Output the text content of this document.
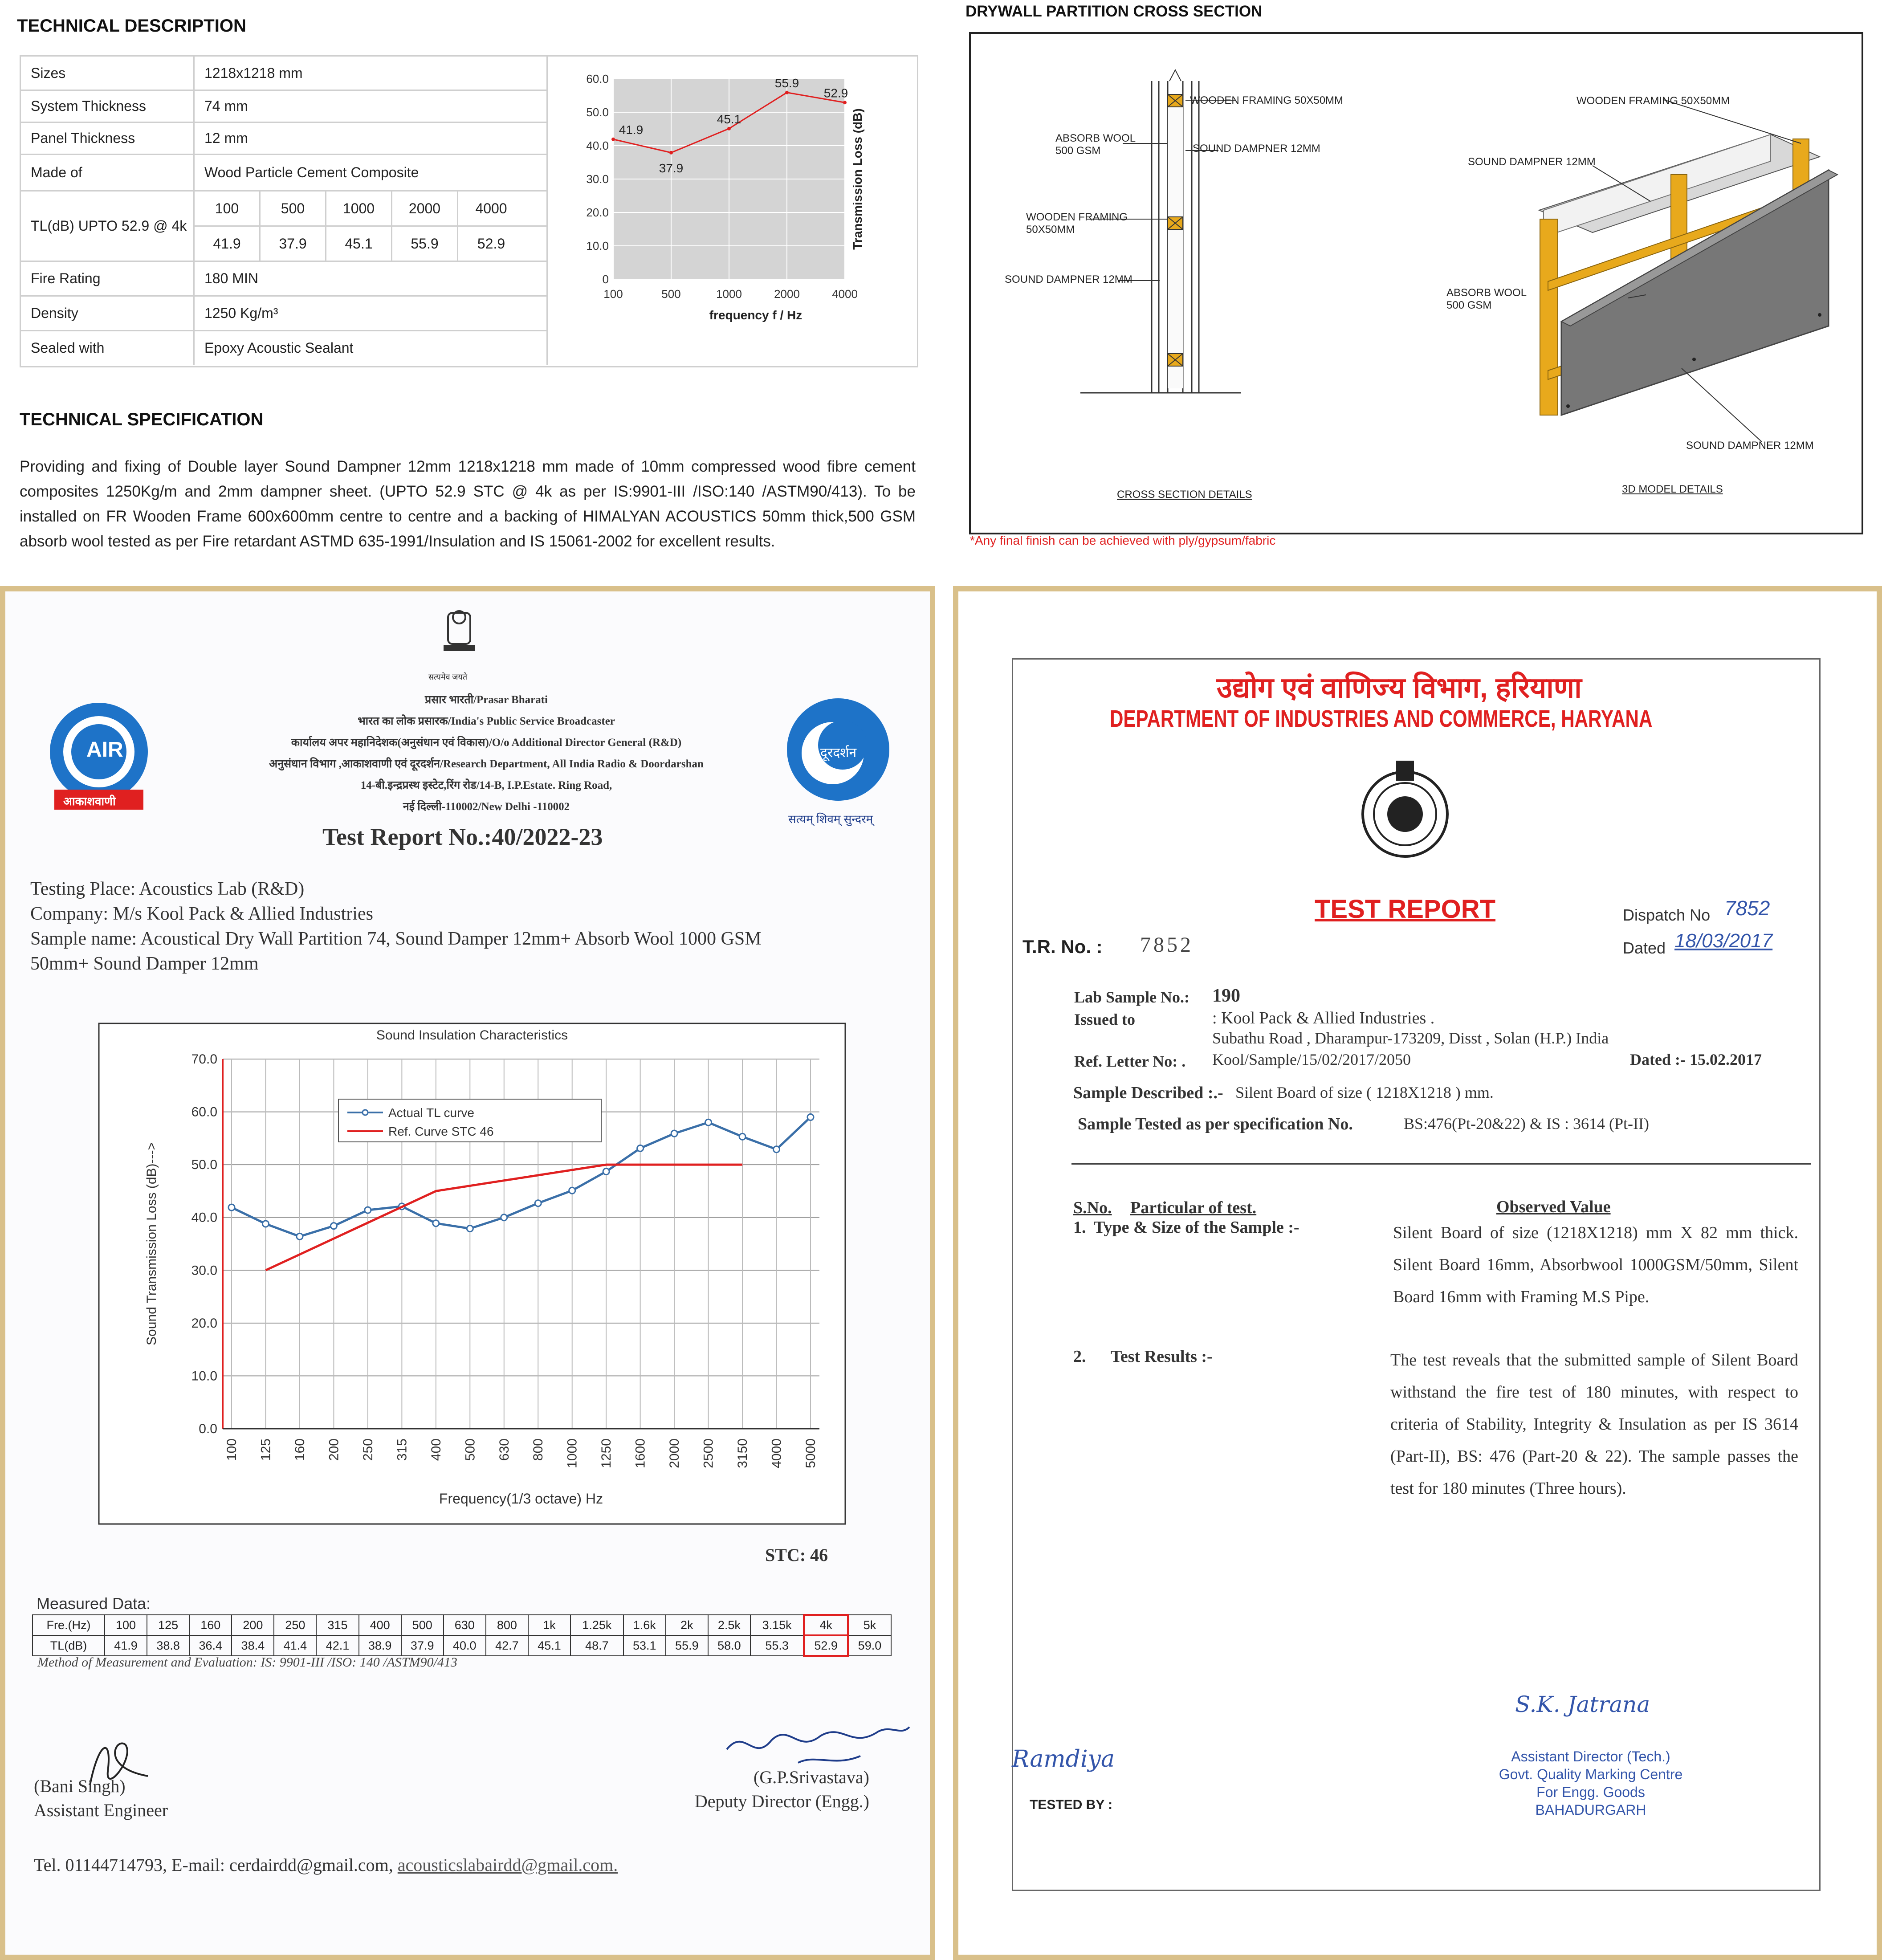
TECHNICAL DESCRIPTION
Sizes	1218x1218 mm
System Thickness	74 mm
Panel Thickness	12 mm
Made of	Wood Particle Cement Composite
TL(dB) UPTO 52.9 @ 4k
100	500	1000	2000	4000
41.9	37.9	45.1	55.9	52.9
Fire Rating	180 MIN
Density	1250 Kg/m³
Sealed with	Epoxy Acoustic Sealant
0
10.0
20.0
30.0
40.0
50.0
60.0
100	500	1000	2000	4000
41.9
37.9
45.1
55.9
52.9
frequency f / Hz
Transmission Loss (dB)
TECHNICAL SPECIFICATION
Providing and fixing of Double layer Sound Dampner 12mm 1218x1218 mm made of 10mm compressed wood fibre cement composites 1250Kg/m and 2mm dampner sheet. (UPTO 52.9 STC @ 4k as per IS:9901-III /ISO:140 /ASTM90/413). To be installed on FR Wooden Frame 600x600mm centre to centre and a backing of HIMALYAN ACOUSTICS 50mm thick,500 GSM absorb wool tested as per Fire retardant ASTMD 635-1991/Insulation and IS 15061-2002 for excellent results.
DRYWALL PARTITION CROSS SECTION
WOODEN FRAMING 50X50MM
ABSORB WOOL
500 GSM	SOUND DAMPNER 12MM
WOODEN FRAMING
50X50MM
SOUND DAMPNER 12MM
WOODEN FRAMING 50X50MM
SOUND DAMPNER 12MM
ABSORB WOOL
500 GSM
SOUND DAMPNER 12MM
CROSS SECTION DETAILS	3D MODEL DETAILS
*Any final finish can be achieved with ply/gypsum/fabric
सत्यमेव जयते
AIR
आकाशवाणी
दूरदर्शन
सत्यम् शिवम् सुन्दरम्
प्रसार भारती/Prasar Bharati
भारत का लोक प्रसारक/India's Public Service Broadcaster
कार्यालय अपर महानिदेशक(अनुसंधान एवं विकास)/O/o Additional Director General (R&D)
अनुसंधान विभाग ,आकाशवाणी एवं दूरदर्शन/Research Department, All India Radio & Doordarshan
14-बी.इन्द्रप्रस्थ इस्टेट,रिंग रोड/14-B, I.P.Estate. Ring Road,
नई दिल्ली-110002/New Delhi -110002
Test Report No.:40/2022-23
Testing Place: Acoustics Lab (R&D)
Company: M/s Kool Pack & Allied Industries
Sample name: Acoustical Dry Wall Partition 74, Sound Damper 12mm+ Absorb Wool 1000 GSM
50mm+ Sound Damper 12mm
Sound Insulation Characteristics
0.0
10.0
20.0
30.0
40.0
50.0
60.0
70.0
100 125 160 200 250 315 400 500 630 800 1000 1250 1600 2000 2500 3150 4000 5000
Actual TL curve
Ref. Curve STC 46
Frequency(1/3 octave) Hz
Sound Transmission Loss (dB)--->
STC: 46
Measured Data:
Fre.(Hz)	100	125	160	200	250	315	400	500	630	800	1k	1.25k	1.6k	2k	2.5k	3.15k	4k	5k
TL(dB)	41.9	38.8	36.4	38.4	41.4	42.1	38.9	37.9	40.0	42.7	45.1	48.7	53.1	55.9	58.0	55.3	52.9	59.0
Method of Measurement and Evaluation: IS: 9901-III /ISO: 140 /ASTM90/413
(Bani Singh)
Assistant Engineer
(G.P.Srivastava)
Deputy Director (Engg.)
Tel. 01144714793, E-mail: cerdairdd@gmail.com, acousticslabairdd@gmail.com.
उद्योग एवं वाणिज्य विभाग, हरियाणा
DEPARTMENT OF INDUSTRIES AND COMMERCE, HARYANA
TEST REPORT	Dispatch No 7852
Dated 18/03/2017
T.R. No. : 7852
Lab Sample No.: 190
Issued to	: Kool Pack & Allied Industries .
Subathu Road , Dharampur-173209, Disst , Solan (H.P.) India
Ref. Letter No: . Kool/Sample/15/02/2017/2050	Dated :- 15.02.2017
Sample Described :.- Silent Board of size ( 1218X1218 ) mm.
Sample Tested as per specification No.	BS:476(Pt-20&22) & IS : 3614 (Pt-II)
S.No. Particular of test.	Observed Value
1. Type & Size of the Sample :-	Silent Board of size (1218X1218) mm X 82 mm thick. Silent Board 16mm, Absorbwool 1000GSM/50mm, Silent Board 16mm with Framing M.S Pipe.
2. Test Results :-	The test reveals that the submitted sample of Silent Board withstand the fire test of 180 minutes, with respect to criteria of Stability, Integrity & Insulation as per IS 3614 (Part-II), BS: 476 (Part-20 & 22). The sample passes the test for 180 minutes (Three hours).
Ramdiya
TESTED BY :
S.K. Jatrana
Assistant Director (Tech.)
Govt. Quality Marking Centre
For Engg. Goods
BAHADURGARH
